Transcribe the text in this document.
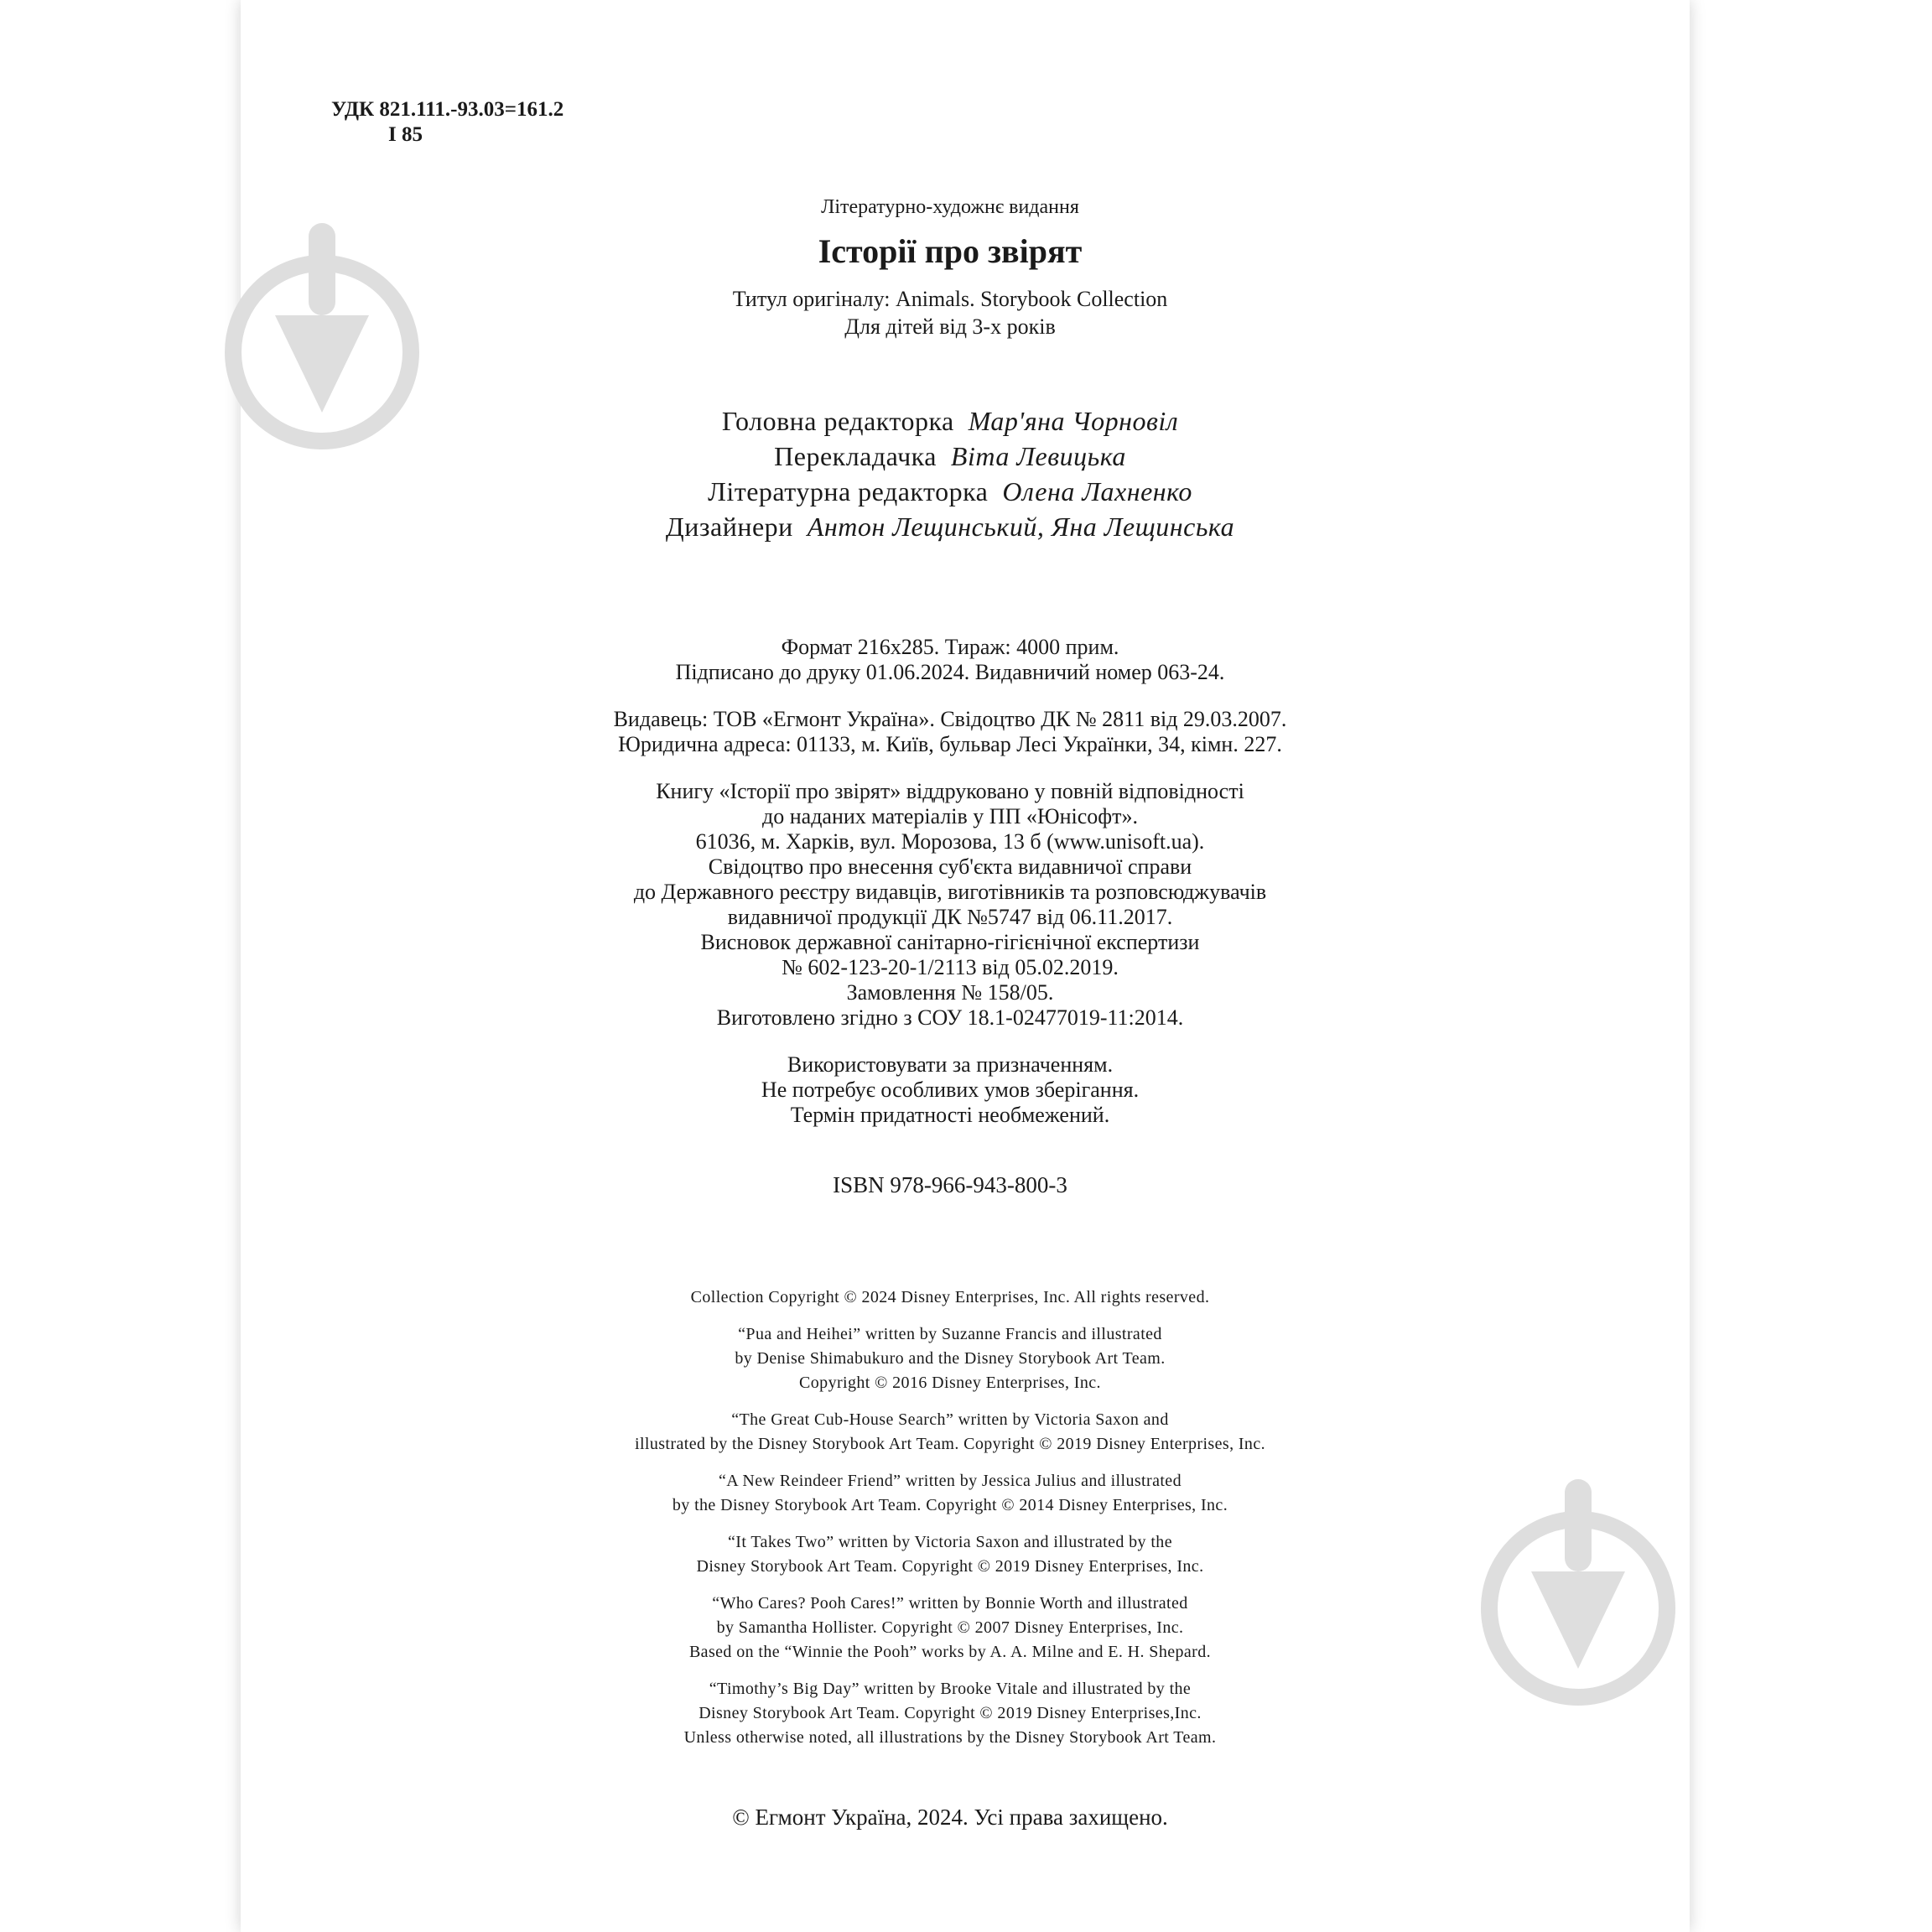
УДК 821.111.-93.03=161.2
І 85
Літературно-художнє видання
Історії про звірят
Титул оригіналу: Animals. Storybook Collection
Для дітей від 3-х років
Головна редакторка Мар'яна Чорновіл
Перекладачка Віта Левицька
Літературна редакторка Олена Лахненко
Дизайнери Антон Лещинський, Яна Лещинська

Формат 216х285. Тираж: 4000 прим.
Підписано до друку 01.06.2024. Видавничий номер 063-24.

Видавець: ТОВ «Егмонт Україна». Свідоцтво ДК № 2811 від 29.03.2007.
Юридична адреса: 01133, м. Київ, бульвар Лесі Українки, 34, кімн. 227.

Книгу «Історії про звірят» віддруковано у повній відповідності
до наданих матеріалів у ПП «Юнісофт».
61036, м. Харків, вул. Морозова, 13 б (www.unisoft.ua).
Свідоцтво про внесення суб'єкта видавничої справи
до Державного реєстру видавців, виготівників та розповсюджувачів
видавничої продукції ДК №5747 від 06.11.2017.
Висновок державної санітарно-гігієнічної експертизи
№ 602-123-20-1/2113 від 05.02.2019.
Замовлення № 158/05.
Виготовлено згідно з СОУ 18.1-02477019-11:2014.

Використовувати за призначенням.
Не потребує особливих умов зберігання.
Термін придатності необмежений.

ISBN 978-966-943-800-3

Collection Copyright © 2024 Disney Enterprises, Inc. All rights reserved.

“Pua and Heihei” written by Suzanne Francis and illustrated
by Denise Shimabukuro and the Disney Storybook Art Team.
Copyright © 2016 Disney Enterprises, Inc.

“The Great Cub-House Search” written by Victoria Saxon and
illustrated by the Disney Storybook Art Team. Copyright © 2019 Disney Enterprises, Inc.

“A New Reindeer Friend” written by Jessica Julius and illustrated
by the Disney Storybook Art Team. Copyright © 2014 Disney Enterprises, Inc.

“It Takes Two” written by Victoria Saxon and illustrated by the
Disney Storybook Art Team. Copyright © 2019 Disney Enterprises, Inc.

“Who Cares? Pooh Cares!” written by Bonnie Worth and illustrated
by Samantha Hollister. Copyright © 2007 Disney Enterprises, Inc.
Based on the “Winnie the Pooh” works by A. A. Milne and E. H. Shepard.

“Timothy’s Big Day” written by Brooke Vitale and illustrated by the
Disney Storybook Art Team. Copyright © 2019 Disney Enterprises,Inc.
Unless otherwise noted, all illustrations by the Disney Storybook Art Team.

© Егмонт Україна, 2024. Усі права захищено.
